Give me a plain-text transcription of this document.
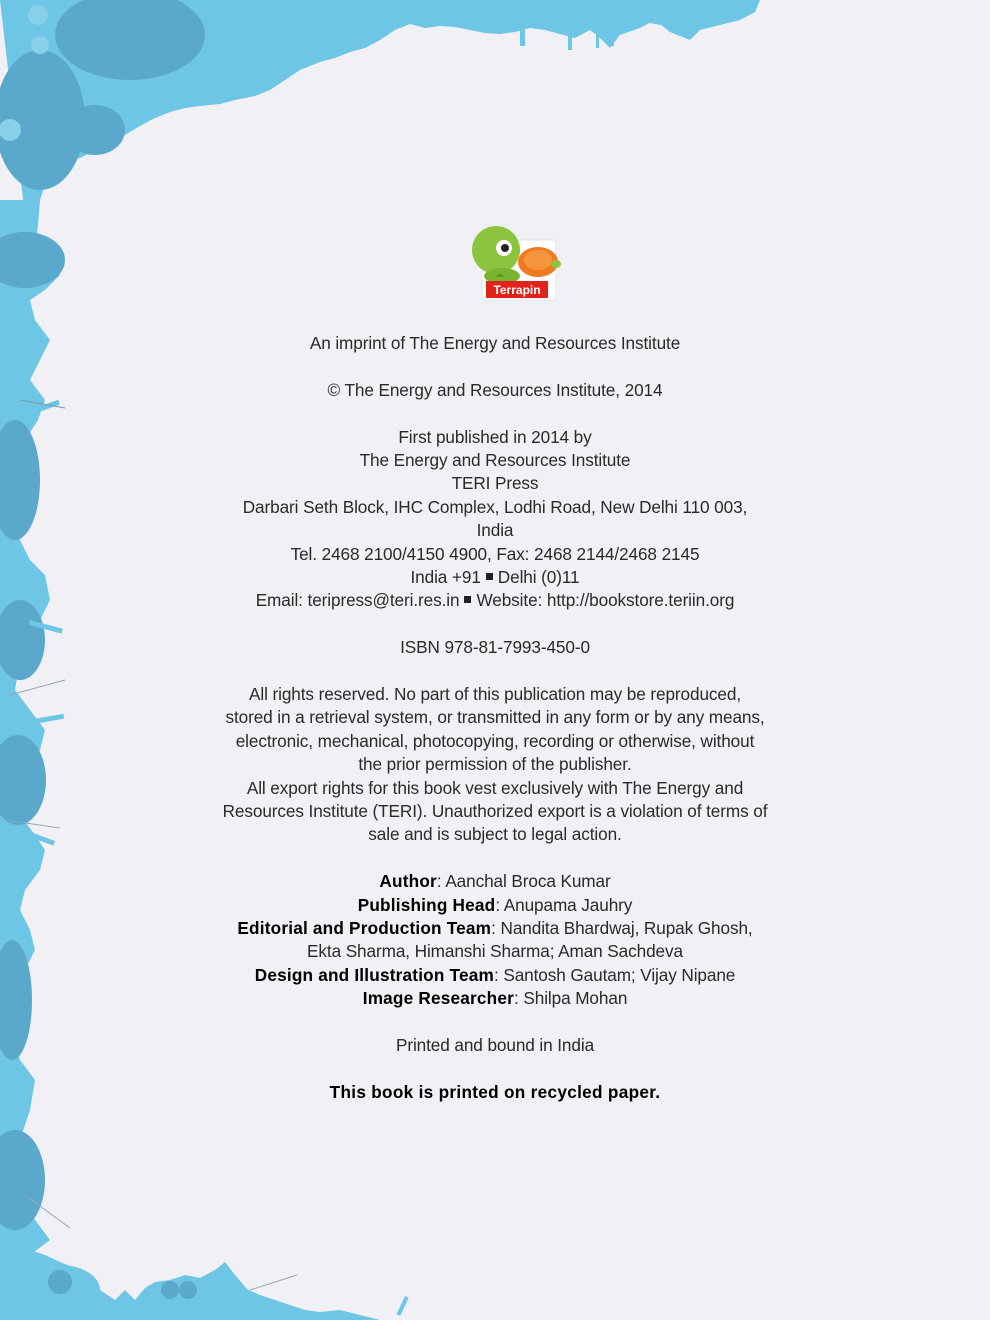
Terrapin

An imprint of The Energy and Resources Institute

© The Energy and Resources Institute, 2014

First published in 2014 by

The Energy and Resources Institute

TERI Press

Darbari Seth Block, IHC Complex, Lodhi Road, New Delhi 110 003,

India

Tel. 2468 2100/4150 4900, Fax: 2468 2144/2468 2145

India +91 Delhi (0)11

Email: teripress@teri.res.in Website: http://bookstore.teriin.org

ISBN 978-81-7993-450-0

All rights reserved. No part of this publication may be reproduced,

stored in a retrieval system, or transmitted in any form or by any means,

electronic, mechanical, photocopying, recording or otherwise, without

the prior permission of the publisher.

All export rights for this book vest exclusively with The Energy and

Resources Institute (TERI). Unauthorized export is a violation of terms of

sale and is subject to legal action.

Author: Aanchal Broca Kumar

Publishing Head: Anupama Jauhry

Editorial and Production Team: Nandita Bhardwaj, Rupak Ghosh,

Ekta Sharma, Himanshi Sharma; Aman Sachdeva

Design and Illustration Team: Santosh Gautam; Vijay Nipane

Image Researcher: Shilpa Mohan

Printed and bound in India

This book is printed on recycled paper.
